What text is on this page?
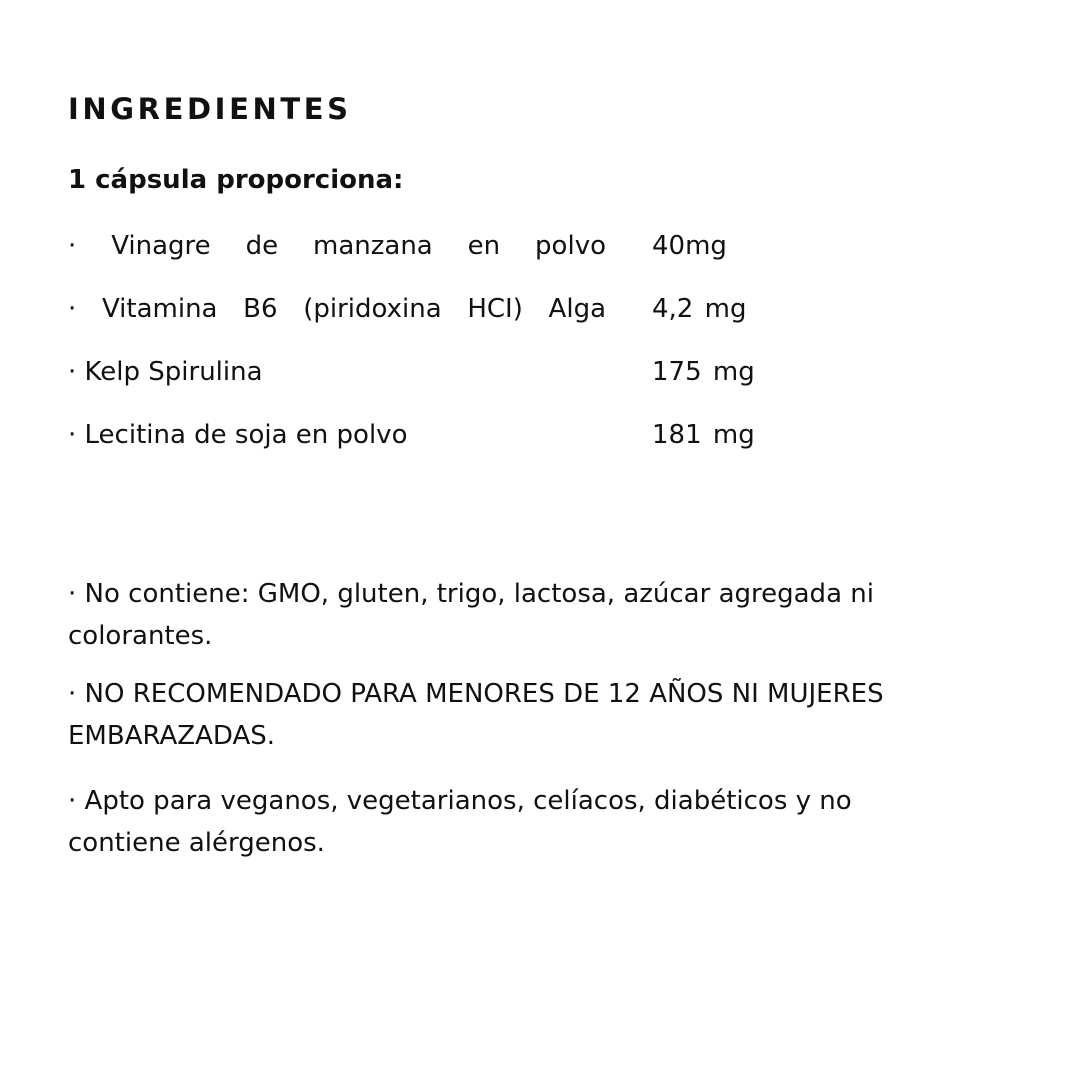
INGREDIENTES
1 cápsula proporciona:
· Vinagre de manzana en polvo 40mg
· Vitamina B6 (piridoxina HCI) Alga 4,2 mg
· Kelp Spirulina	175 mg
· Lecitina de soja en polvo	181 mg
· No contiene: GMO, gluten, trigo, lactosa, azúcar agregada ni colorantes.
· NO RECOMENDADO PARA MENORES DE 12 AÑOS NI MUJERES EMBARAZADAS.
· Apto para veganos, vegetarianos, celíacos, diabéticos y no contiene alérgenos.
